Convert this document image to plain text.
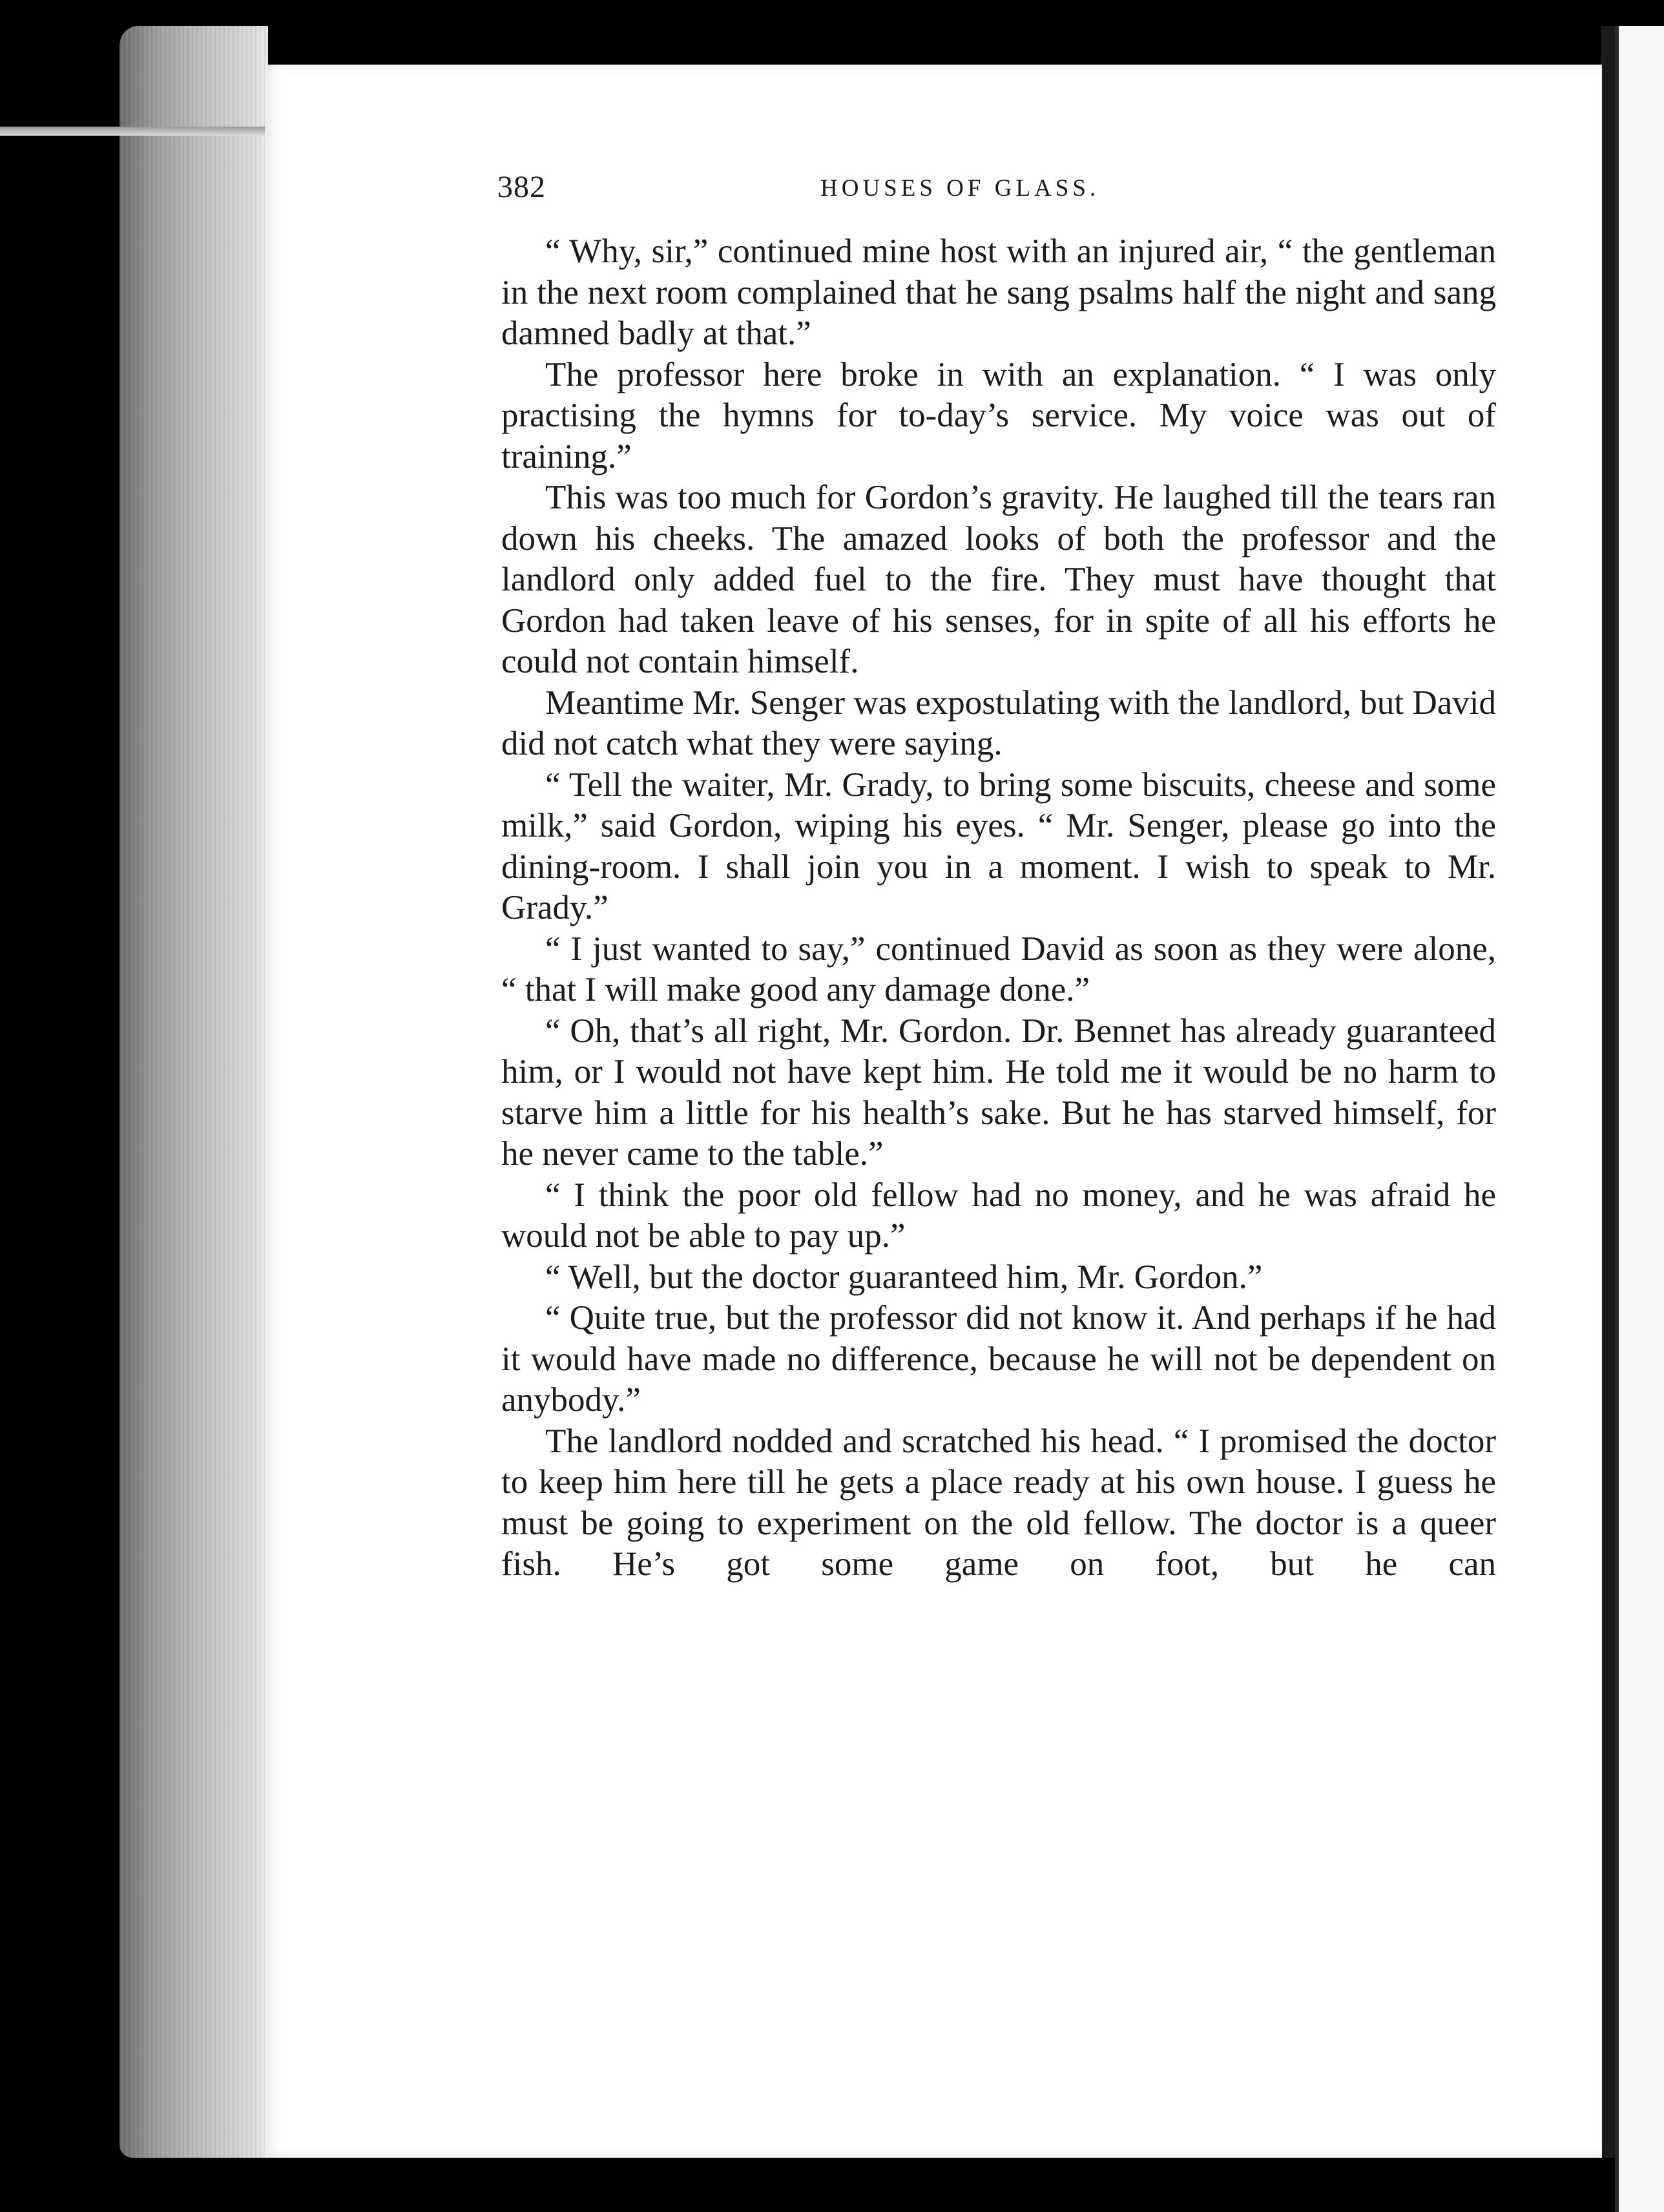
382	HOUSES OF GLASS.

“ Why, sir,” continued mine host with an injured air, “ the gentleman in the next room complained that he sang psalms half the night and sang damned badly at that.”

The professor here broke in with an explanation. “ I was only practising the hymns for to-day’s service. My voice was out of training.”

This was too much for Gordon’s gravity. He laughed till the tears ran down his cheeks. The amazed looks of both the professor and the landlord only added fuel to the fire. They must have thought that Gordon had taken leave of his senses, for in spite of all his efforts he could not contain himself.

Meantime Mr. Senger was expostulating with the landlord, but David did not catch what they were saying.

“ Tell the waiter, Mr. Grady, to bring some biscuits, cheese and some milk,” said Gordon, wiping his eyes. “ Mr. Senger, please go into the dining-room. I shall join you in a moment. I wish to speak to Mr. Grady.”

“ I just wanted to say,” continued David as soon as they were alone, “ that I will make good any damage done.”

“ Oh, that’s all right, Mr. Gordon. Dr. Bennet has already guaranteed him, or I would not have kept him. He told me it would be no harm to starve him a little for his health’s sake. But he has starved himself, for he never came to the table.”

“ I think the poor old fellow had no money, and he was afraid he would not be able to pay up.”

“ Well, but the doctor guaranteed him, Mr. Gordon.”

“ Quite true, but the professor did not know it. And perhaps if he had it would have made no difference, because he will not be dependent on anybody.”

The landlord nodded and scratched his head. “ I promised the doctor to keep him here till he gets a place ready at his own house. I guess he must be going to experiment on the old fellow. The doctor is a queer fish. He’s got some game on foot, but he can
